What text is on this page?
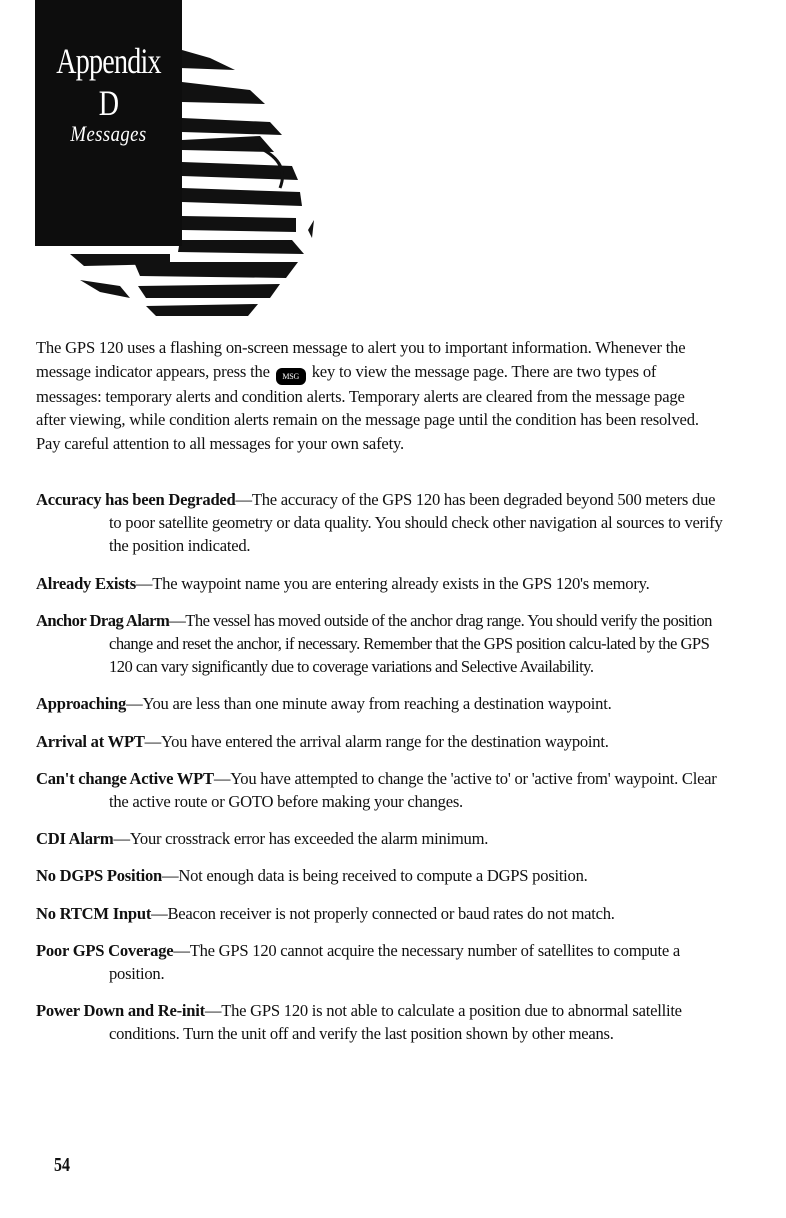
Appendix D
Messages
The GPS 120 uses a flashing on-screen message to alert you to important information. Whenever the message indicator appears, press the MSG key to view the message page. There are two types of messages: temporary alerts and condition alerts. Temporary alerts are cleared from the message page after viewing, while condition alerts remain on the message page until the condition has been resolved. Pay careful attention to all messages for your own safety.
Accuracy has been Degraded—The accuracy of the GPS 120 has been degraded beyond 500 meters due to poor satellite geometry or data quality. You should check other navigation al sources to verify the position indicated.
Already Exists—The waypoint name you are entering already exists in the GPS 120's memory.
Anchor Drag Alarm—The vessel has moved outside of the anchor drag range. You should verify the position change and reset the anchor, if necessary. Remember that the GPS position calcu-lated by the GPS 120 can vary significantly due to coverage variations and Selective Availability.
Approaching—You are less than one minute away from reaching a destination waypoint.
Arrival at WPT—You have entered the arrival alarm range for the destination waypoint.
Can't change Active WPT—You have attempted to change the 'active to' or 'active from' waypoint. Clear the active route or GOTO before making your changes.
CDI Alarm—Your crosstrack error has exceeded the alarm minimum.
No DGPS Position—Not enough data is being received to compute a DGPS position.
No RTCM Input—Beacon receiver is not properly connected or baud rates do not match.
Poor GPS Coverage—The GPS 120 cannot acquire the necessary number of satellites to compute a position.
Power Down and Re-init—The GPS 120 is not able to calculate a position due to abnormal satellite conditions. Turn the unit off and verify the last position shown by other means.
54
